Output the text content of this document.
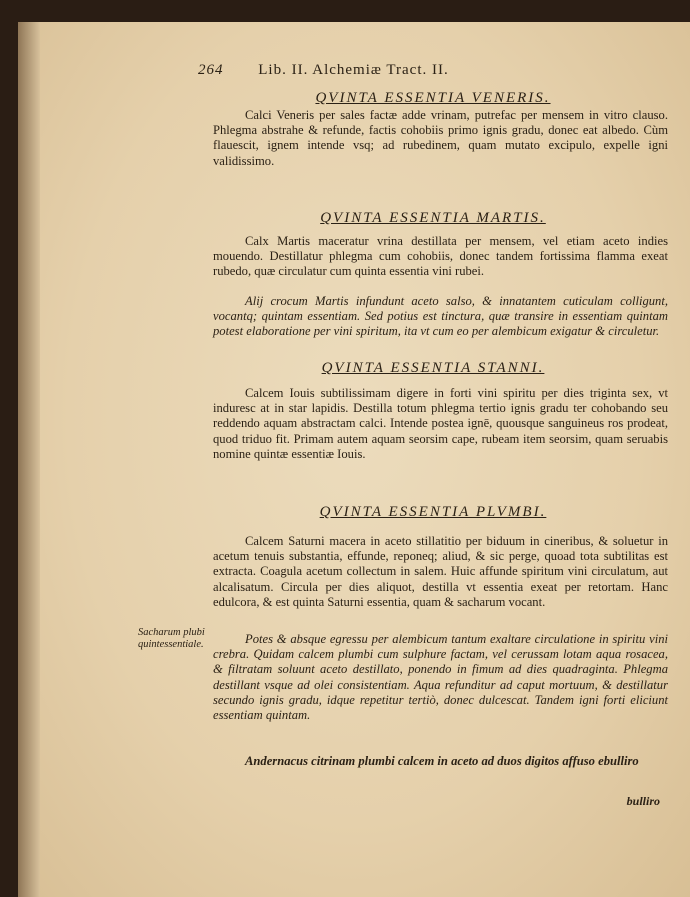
264 Lib. II. Alchemiæ Tract. II.
QVINTA ESSENTIA VENERIS.

Calci Veneris per sales factæ adde vrinam, putrefac per mensem in vitro clauso. Phlegma abstrahe & refunde, factis cohobiis primo ignis gradu, donec eat albedo. Cùm flauescit, ignem intende vsq; ad rubedinem, quam mutato excipulo, expelle igni validissimo.

QVINTA ESSENTIA MARTIS.

Calx Martis maceratur vrina destillata per mensem, vel etiam aceto indies mouendo. Destillatur phlegma cum cohobiis, donec tandem fortissima flamma exeat rubedo, quæ circulatur cum quinta essentia vini rubei.

Alij crocum Martis infundunt aceto salso, & innatantem cuticulam colligunt, vocantq; quintam essentiam. Sed potius est tinctura, quæ transire in essentiam quintam potest elaboratione per vini spiritum, ita vt cum eo per alembicum exigatur & circuletur.

QVINTA ESSENTIA STANNI.

Calcem Iouis subtilissimam digere in forti vini spiritu per dies triginta sex, vt induresc at in star lapidis. Destilla totum phlegma tertio ignis gradu ter cohobando seu reddendo aquam abstractam calci. Intende postea ignē, quousque sanguineus ros prodeat, quod triduo fit. Primam autem aquam seorsim cape, rubeam item seorsim, quam seruabis nomine quintæ essentiæ Iouis.

QVINTA ESSENTIA PLVMBI.

Calcem Saturni macera in aceto stillatitio per biduum in cineribus, & soluetur in acetum tenuis substantia, effunde, reponeq; aliud, & sic perge, quoad tota subtilitas est extracta. Coagula acetum collectum in salem. Huic affunde spiritum vini circulatum, aut alcalisatum. Circula per dies aliquot, destilla vt essentia exeat per retortam. Hanc edulcora, & est quinta Saturni essentia, quam & sacharum vocant.

Potes & absque egressu per alembicum tantum exaltare circulatione in spiritu vini crebra. Quidam calcem plumbi cum sulphure factam, vel cerussam lotam aqua rosacea, & filtratam soluunt aceto destillato, ponendo in fimum ad dies quadraginta. Phlegma destillant vsque ad olei consistentiam. Aqua refunditur ad caput mortuum, & destillatur secundo ignis gradu, idque repetitur tertiò, donec dulcescat. Tandem igni forti eliciunt essentiam quintam.

Andernacus citrinam plumbi calcem in aceto ad duos digitos affuso ebulliro

Sacharum plubi quintessentiale.
bulliro
